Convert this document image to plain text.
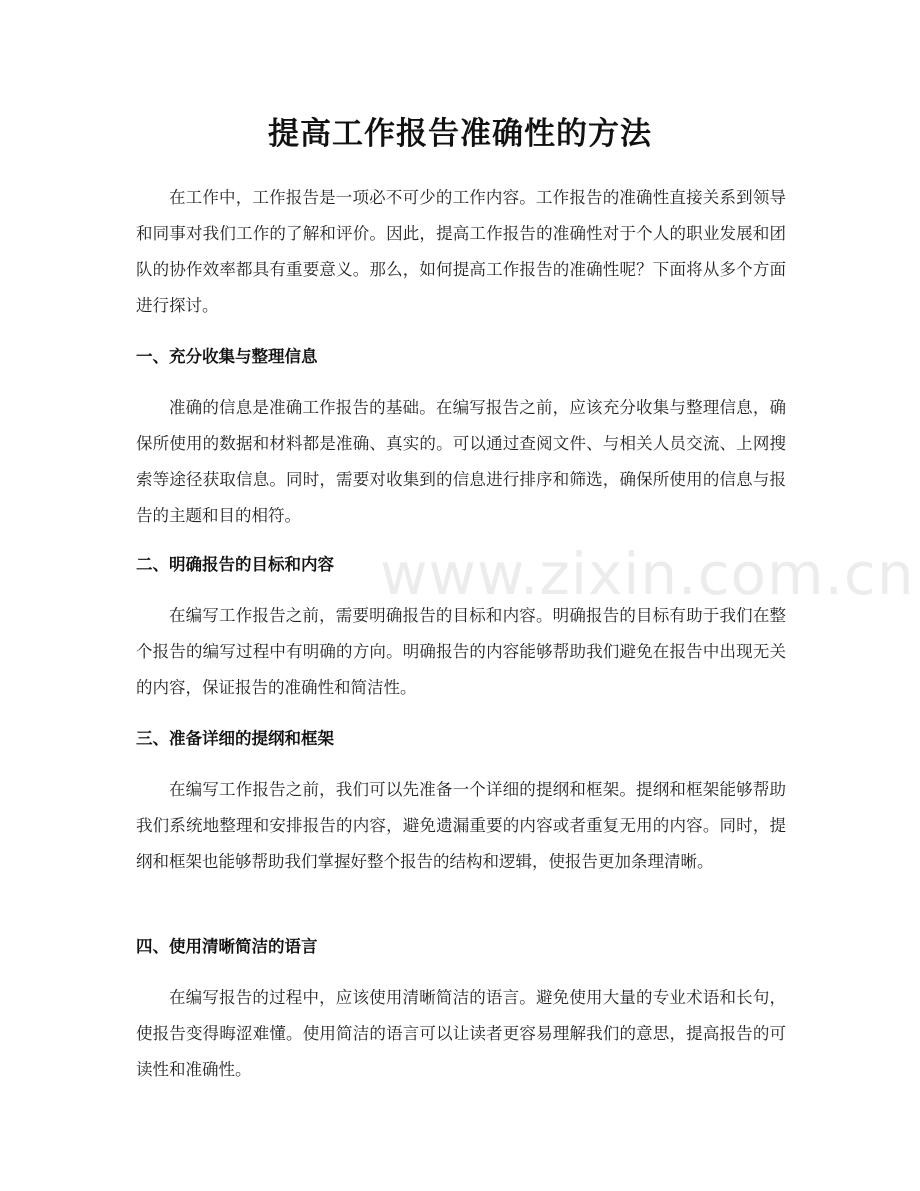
提高工作报告准确性的方法

在工作中，工作报告是一项必不可少的工作内容。工作报告的准确性直接关系到领导和同事对我们工作的了解和评价。因此，提高工作报告的准确性对于个人的职业发展和团队的协作效率都具有重要意义。那么，如何提高工作报告的准确性呢？下面将从多个方面进行探讨。

一、充分收集与整理信息

准确的信息是准确工作报告的基础。在编写报告之前，应该充分收集与整理信息，确保所使用的数据和材料都是准确、真实的。可以通过查阅文件、与相关人员交流、上网搜索等途径获取信息。同时，需要对收集到的信息进行排序和筛选，确保所使用的信息与报告的主题和目的相符。

二、明确报告的目标和内容

在编写工作报告之前，需要明确报告的目标和内容。明确报告的目标有助于我们在整个报告的编写过程中有明确的方向。明确报告的内容能够帮助我们避免在报告中出现无关的内容，保证报告的准确性和简洁性。

三、准备详细的提纲和框架

在编写工作报告之前，我们可以先准备一个详细的提纲和框架。提纲和框架能够帮助我们系统地整理和安排报告的内容，避免遗漏重要的内容或者重复无用的内容。同时，提纲和框架也能够帮助我们掌握好整个报告的结构和逻辑，使报告更加条理清晰。

四、使用清晰简洁的语言

在编写报告的过程中，应该使用清晰简洁的语言。避免使用大量的专业术语和长句，使报告变得晦涩难懂。使用简洁的语言可以让读者更容易理解我们的意思，提高报告的可读性和准确性。

www.zixin.com.cn
